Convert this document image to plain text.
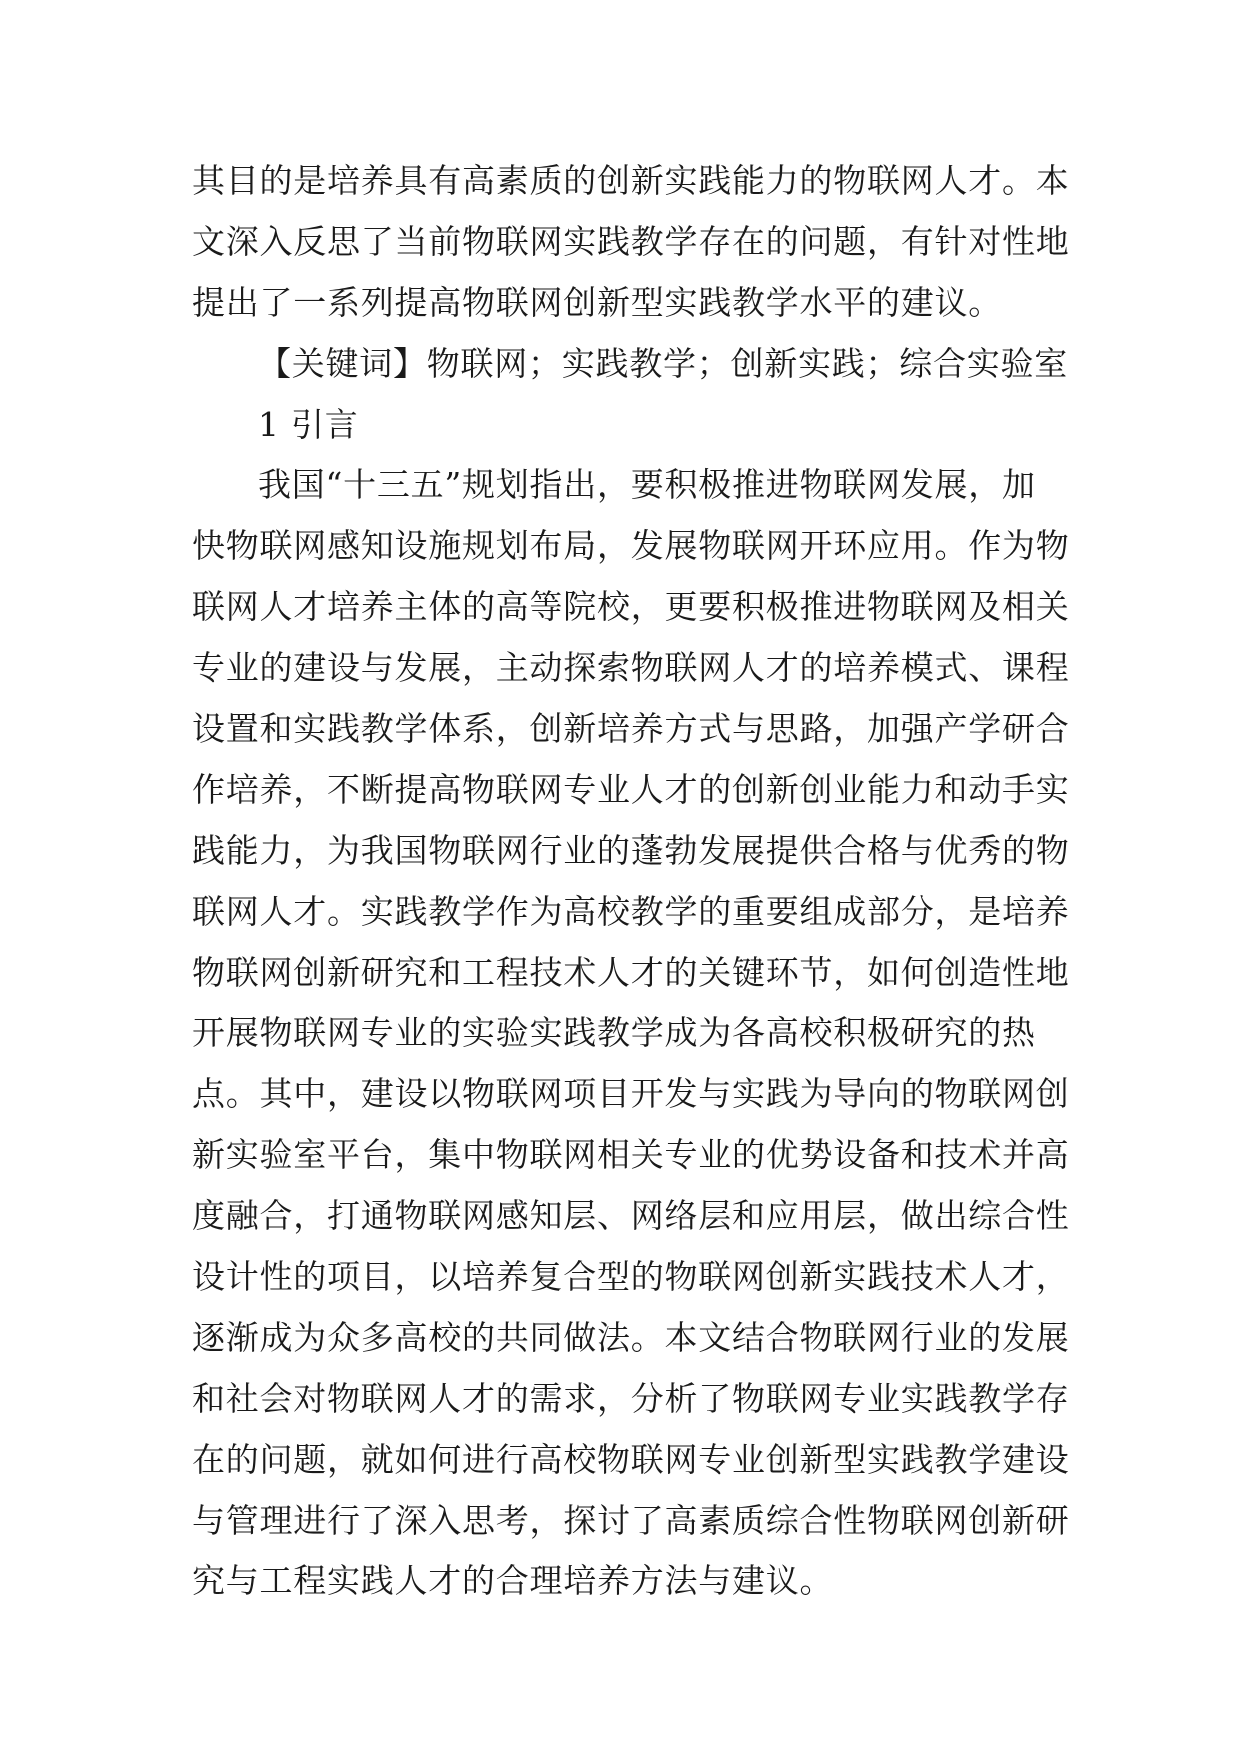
其目的是培养具有高素质的创新实践能力的物联网人才。本
文深入反思了当前物联网实践教学存在的问题，有针对性地
提出了一系列提高物联网创新型实践教学水平的建议。
【关键词】物联网；实践教学；创新实践；综合实验室
1 引言
我国“十三五”规划指出，要积极推进物联网发展，加
快物联网感知设施规划布局，发展物联网开环应用。作为物
联网人才培养主体的高等院校，更要积极推进物联网及相关
专业的建设与发展，主动探索物联网人才的培养模式、课程
设置和实践教学体系，创新培养方式与思路，加强产学研合
作培养，不断提高物联网专业人才的创新创业能力和动手实
践能力，为我国物联网行业的蓬勃发展提供合格与优秀的物
联网人才。实践教学作为高校教学的重要组成部分，是培养
物联网创新研究和工程技术人才的关键环节，如何创造性地
开展物联网专业的实验实践教学成为各高校积极研究的热
点。其中，建设以物联网项目开发与实践为导向的物联网创
新实验室平台，集中物联网相关专业的优势设备和技术并高
度融合，打通物联网感知层、网络层和应用层，做出综合性
设计性的项目，以培养复合型的物联网创新实践技术人才，
逐渐成为众多高校的共同做法。本文结合物联网行业的发展
和社会对物联网人才的需求，分析了物联网专业实践教学存
在的问题，就如何进行高校物联网专业创新型实践教学建设
与管理进行了深入思考，探讨了高素质综合性物联网创新研
究与工程实践人才的合理培养方法与建议。
